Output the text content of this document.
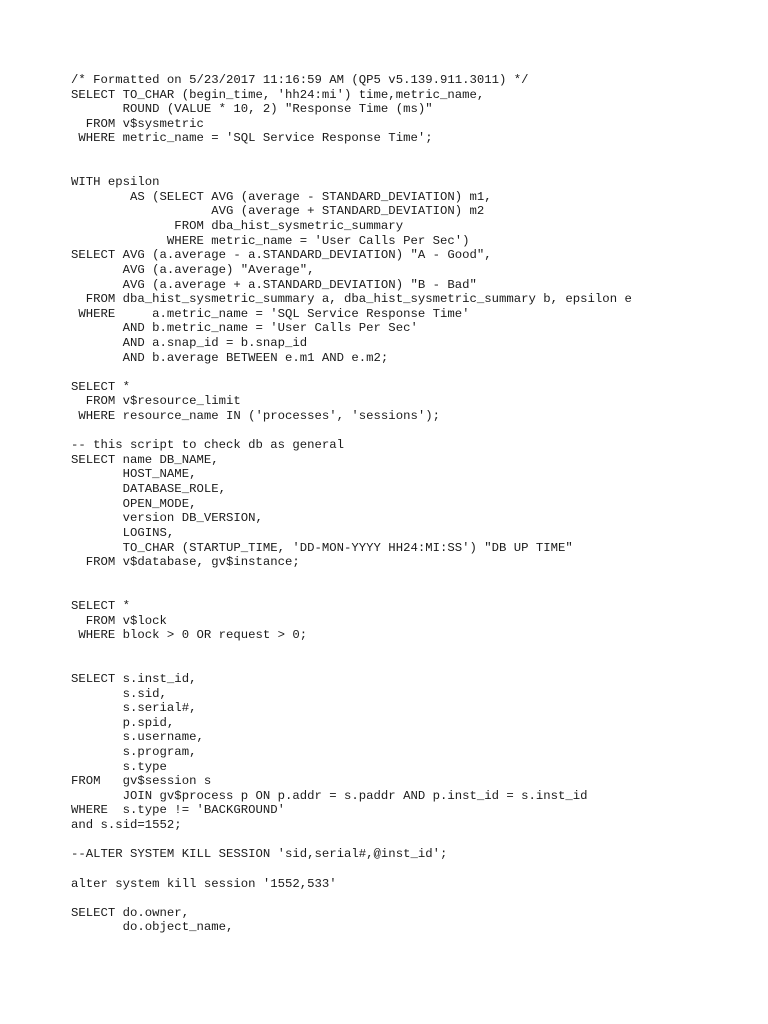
/* Formatted on 5/23/2017 11:16:59 AM (QP5 v5.139.911.3011) */
SELECT TO_CHAR (begin_time, 'hh24:mi') time,metric_name,
ROUND (VALUE * 10, 2) "Response Time (ms)"
FROM v$sysmetric
WHERE metric_name = 'SQL Service Response Time';
WITH epsilon
AS (SELECT AVG (average - STANDARD_DEVIATION) m1,
AVG (average + STANDARD_DEVIATION) m2
FROM dba_hist_sysmetric_summary
WHERE metric_name = 'User Calls Per Sec')
SELECT AVG (a.average - a.STANDARD_DEVIATION) "A - Good",
AVG (a.average) "Average",
AVG (a.average + a.STANDARD_DEVIATION) "B - Bad"
FROM dba_hist_sysmetric_summary a, dba_hist_sysmetric_summary b, epsilon e
WHERE     a.metric_name = 'SQL Service Response Time'
AND b.metric_name = 'User Calls Per Sec'
AND a.snap_id = b.snap_id
AND b.average BETWEEN e.m1 AND e.m2;
SELECT *
FROM v$resource_limit
WHERE resource_name IN ('processes', 'sessions');
-- this script to check db as general
SELECT name DB_NAME,
HOST_NAME,
DATABASE_ROLE,
OPEN_MODE,
version DB_VERSION,
LOGINS,
TO_CHAR (STARTUP_TIME, 'DD-MON-YYYY HH24:MI:SS') "DB UP TIME"
FROM v$database, gv$instance;
SELECT *
FROM v$lock
WHERE block > 0 OR request > 0;
SELECT s.inst_id,
s.sid,
s.serial#,
p.spid,
s.username,
s.program,
s.type
FROM   gv$session s
JOIN gv$process p ON p.addr = s.paddr AND p.inst_id = s.inst_id
WHERE  s.type != 'BACKGROUND'
and s.sid=1552;
--ALTER SYSTEM KILL SESSION 'sid,serial#,@inst_id';
alter system kill session '1552,533'
SELECT do.owner,
do.object_name,
